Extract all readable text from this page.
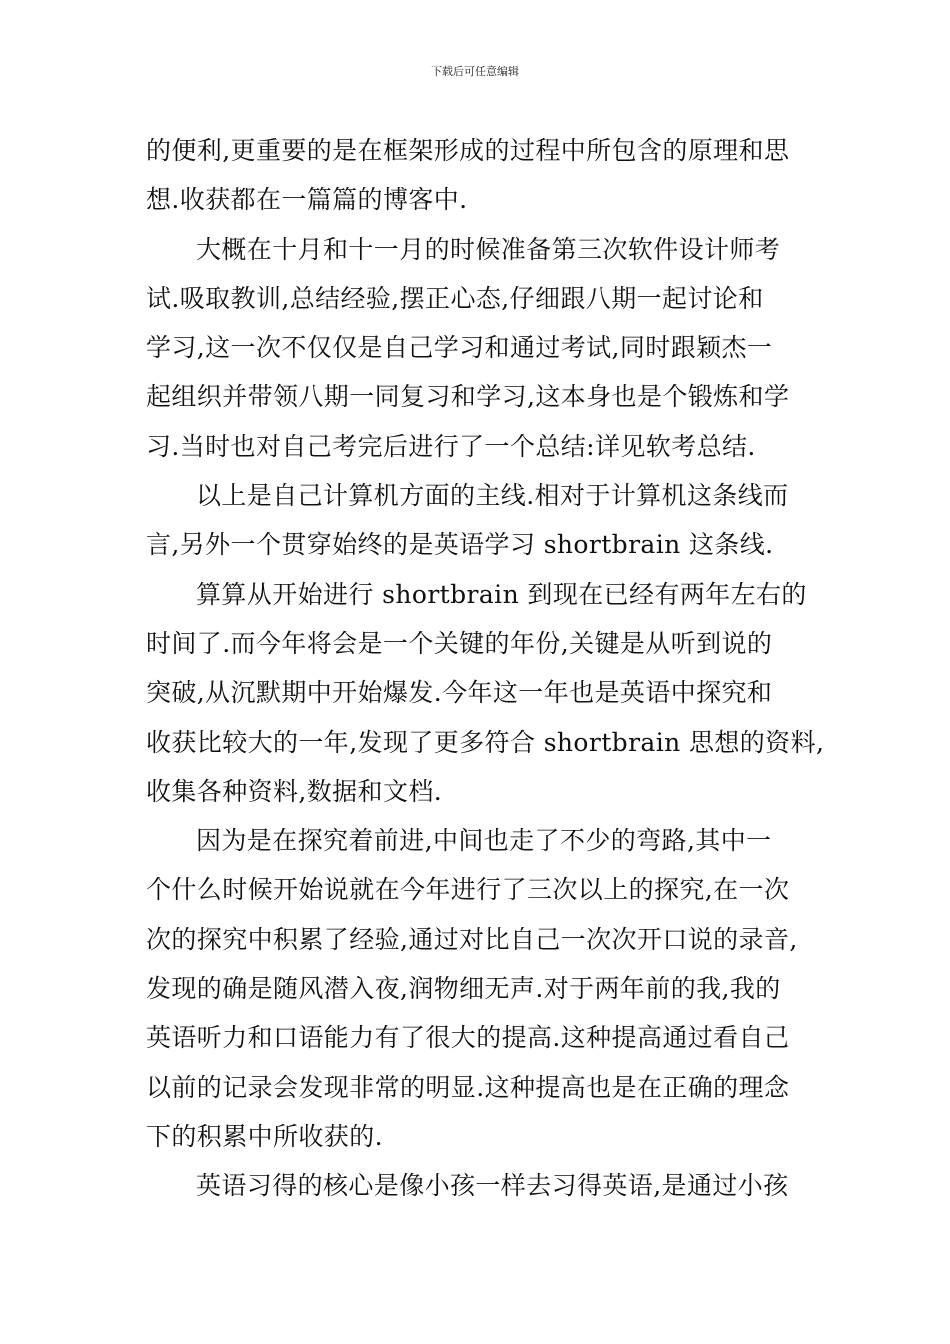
下载后可任意编辑
的便利,更重要的是在框架形成的过程中所包含的原理和思
想.收获都在一篇篇的博客中.
大概在十月和十一月的时候准备第三次软件设计师考
试.吸取教训,总结经验,摆正心态,仔细跟八期一起讨论和
学习,这一次不仅仅是自己学习和通过考试,同时跟颖杰一
起组织并带领八期一同复习和学习,这本身也是个锻炼和学
习.当时也对自己考完后进行了一个总结:详见软考总结.
以上是自己计算机方面的主线.相对于计算机这条线而
言,另外一个贯穿始终的是英语学习 shortbrain 这条线.
算算从开始进行 shortbrain 到现在已经有两年左右的
时间了.而今年将会是一个关键的年份,关键是从听到说的
突破,从沉默期中开始爆发.今年这一年也是英语中探究和
收获比较大的一年,发现了更多符合 shortbrain 思想的资料,
收集各种资料,数据和文档.
因为是在探究着前进,中间也走了不少的弯路,其中一
个什么时候开始说就在今年进行了三次以上的探究,在一次
次的探究中积累了经验,通过对比自己一次次开口说的录音,
发现的确是随风潜入夜,润物细无声.对于两年前的我,我的
英语听力和口语能力有了很大的提高.这种提高通过看自己
以前的记录会发现非常的明显.这种提高也是在正确的理念
下的积累中所收获的.
英语习得的核心是像小孩一样去习得英语,是通过小孩
